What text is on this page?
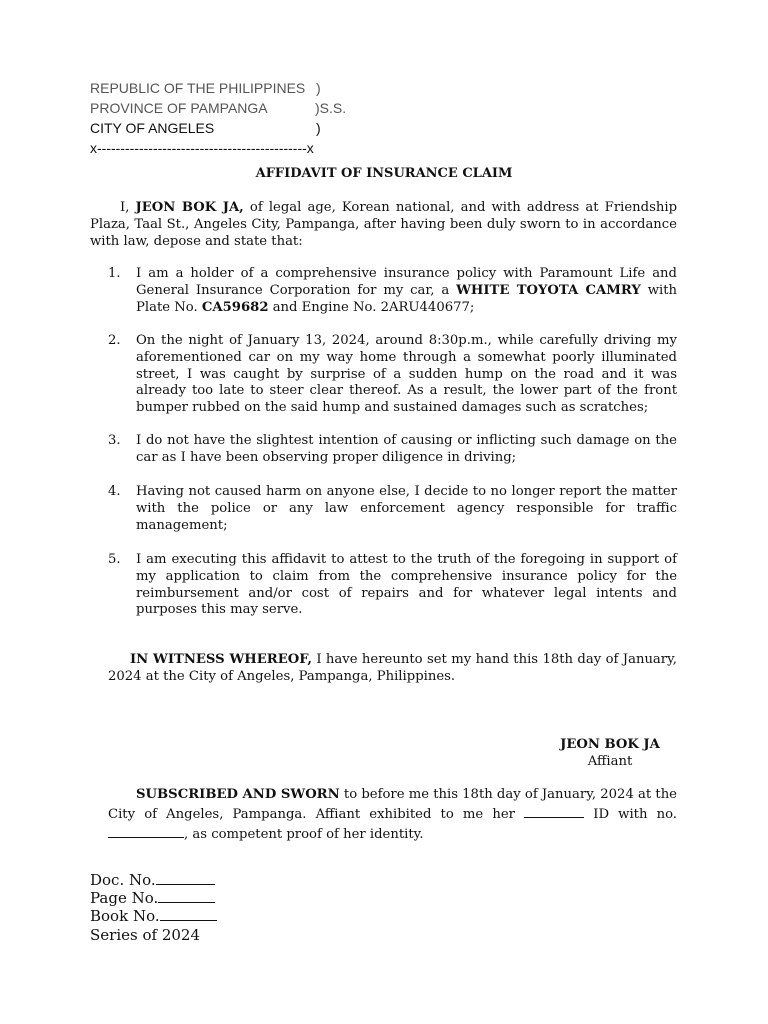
REPUBLIC OF THE PHILIPPINES )
PROVINCE OF PAMPANGA	)S.S.
CITY OF ANGELES	)
x---------------------------------------------x
AFFIDAVIT OF INSURANCE CLAIM
I, JEON BOK JA, of legal age, Korean national, and with address at Friendship Plaza, Taal St., Angeles City, Pampanga, after having been duly sworn to in accordance with law, depose and state that:
1.	I am a holder of a comprehensive insurance policy with Paramount Life and General Insurance Corporation for my car, a WHITE TOYOTA CAMRY with Plate No. CA59682 and Engine No. 2ARU440677;
2.	On the night of January 13, 2024, around 8:30p.m., while carefully driving my aforementioned car on my way home through a somewhat poorly illuminated street, I was caught by surprise of a sudden hump on the road and it was already too late to steer clear thereof. As a result, the lower part of the front bumper rubbed on the said hump and sustained damages such as scratches;
3.	I do not have the slightest intention of causing or inflicting such damage on the car as I have been observing proper diligence in driving;
4.	Having not caused harm on anyone else, I decide to no longer report the matter with the police or any law enforcement agency responsible for traffic management;
5.	I am executing this affidavit to attest to the truth of the foregoing in support of my application to claim from the comprehensive insurance policy for the reimbursement and/or cost of repairs and for whatever legal intents and purposes this may serve.
IN WITNESS WHEREOF, I have hereunto set my hand this 18th day of January, 2024 at the City of Angeles, Pampanga, Philippines.
JEON BOK JA
Affiant
SUBSCRIBED AND SWORN to before me this 18th day of January, 2024 at the City of Angeles, Pampanga. Affiant exhibited to me her	ID with no. , as competent proof of her identity.
Doc. No.
Page No.
Book No.
Series of 2024
